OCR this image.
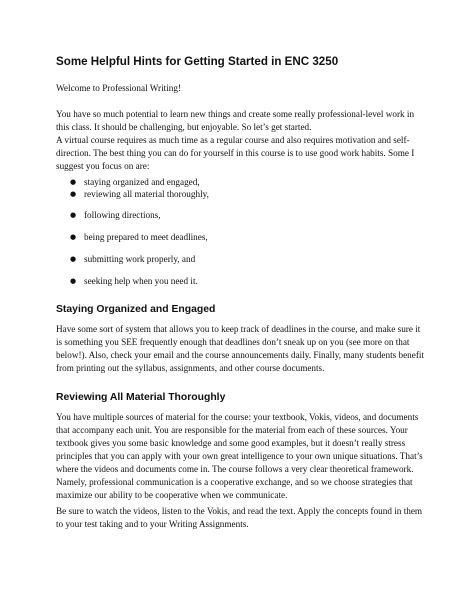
Some Helpful Hints for Getting Started in ENC 3250

Welcome to Professional Writing!

You have so much potential to learn new things and create some really professional-level work in this class. It should be challenging, but enjoyable. So let’s get started.

A virtual course requires as much time as a regular course and also requires motivation and self-direction. The best thing you can do for yourself in this course is to use good work habits. Some I suggest you focus on are:

● staying organized and engaged,
● reviewing all material thoroughly,
● following directions,
● being prepared to meet deadlines,
● submitting work properly, and
● seeking help when you need it.
Staying Organized and Engaged

Have some sort of system that allows you to keep track of deadlines in the course, and make sure it is something you SEE frequently enough that deadlines don’t sneak up on you (see more on that below!). Also, check your email and the course announcements daily. Finally, many students benefit from printing out the syllabus, assignments, and other course documents.

Reviewing All Material Thoroughly

You have multiple sources of material for the course: your textbook, Vokis, videos, and documents that accompany each unit. You are responsible for the material from each of these sources. Your textbook gives you some basic knowledge and some good examples, but it doesn’t really stress principles that you can apply with your own great intelligence to your own unique situations. That’s where the videos and documents come in. The course follows a very clear theoretical framework. Namely, professional communication is a cooperative exchange, and so we choose strategies that maximize our ability to be cooperative when we communicate.

Be sure to watch the videos, listen to the Vokis, and read the text. Apply the concepts found in them to your test taking and to your Writing Assignments.
